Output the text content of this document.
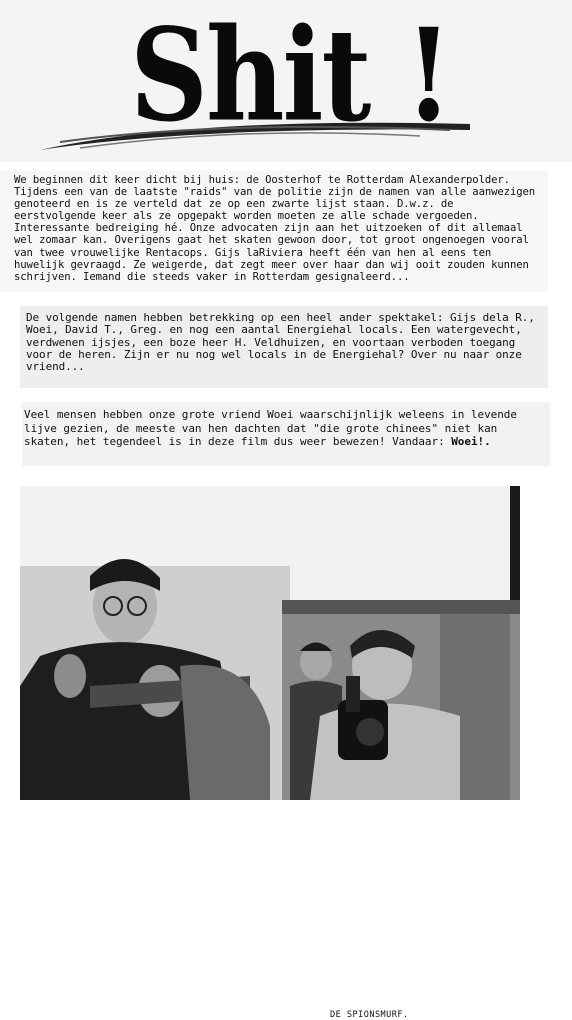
Shit !

We beginnen dit keer dicht bij huis: de Oosterhof te Rotterdam Alexanderpolder. Tijdens een van de laatste "raids" van de politie zijn de namen van alle aanwezigen genoteerd en is ze verteld dat ze op een zwarte lijst staan. D.w.z. de eerstvolgende keer als ze opgepakt worden moeten ze alle schade vergoeden. Interessante bedreiging hé. Onze advocaten zijn aan het uitzoeken of dit allemaal wel zomaar kan. Overigens gaat het skaten gewoon door, tot groot ongenoegen vooral van twee vrouwelijke Rentacops. Gijs laRiviera heeft één van hen al eens ten huwelijk gevraagd. Ze weigerde, dat zegt meer over haar dan wij ooit zouden kunnen schrijven. Iemand die steeds vaker in Rotterdam gesignaleerd...

De volgende namen hebben betrekking op een heel ander spektakel: Gijs dela R., Woei, David T., Greg. en nog een aantal Energiehal locals. Een watergevecht, verdwenen ijsjes, een boze heer H. Veldhuizen, en voortaan verboden toegang voor de heren. Zijn er nu nog wel locals in de Energiehal? Over nu naar onze vriend...

Veel mensen hebben onze grote vriend Woei waarschijnlijk weleens in levende lijve gezien, de meeste van hen dachten dat "die grote chinees" niet kan skaten, het tegendeel is in deze film dus weer bewezen! Vandaar: Woei!.

DE SPIONSMURF.
